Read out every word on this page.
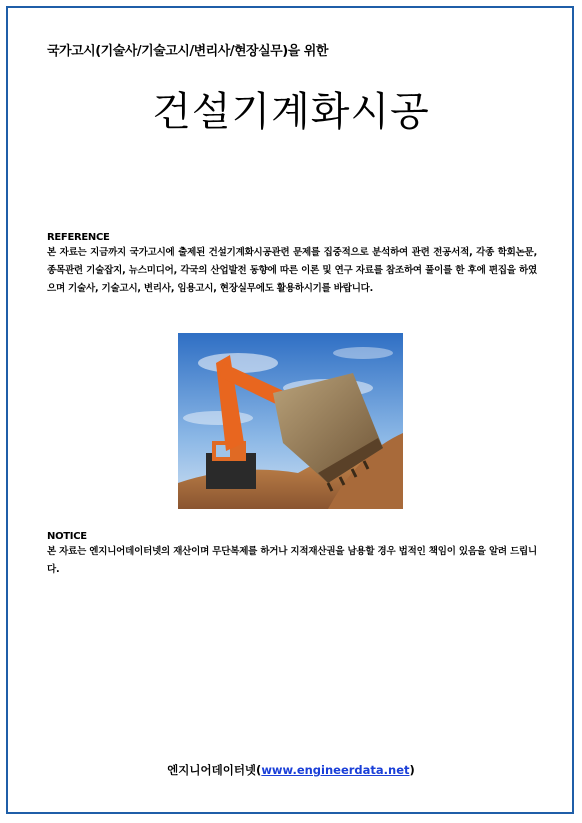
국가고시(기술사/기술고시/변리사/현장실무)을 위한
건설기계화시공
REFERENCE
본 자료는 지금까지 국가고시에 출제된 건설기계화시공관련 문제를 집중적으로 분석하여 관련 전공서적, 각종 학회논문, 종목관련 기술잡지, 뉴스미디어, 각국의 산업발전 동향에 따른 이론 및 연구 자료를 참조하여 풀이를 한 후에 편집을 하였으며 기술사, 기술고시, 변리사, 임용고시, 현장실무에도 활용하시기를 바랍니다.
NOTICE
본 자료는 엔지니어데이터넷의 재산이며 무단복제를 하거나 지적재산권을 남용할 경우 법적인 책임이 있음을 알려 드립니다.
엔지니어데이터넷(www.engineerdata.net)
